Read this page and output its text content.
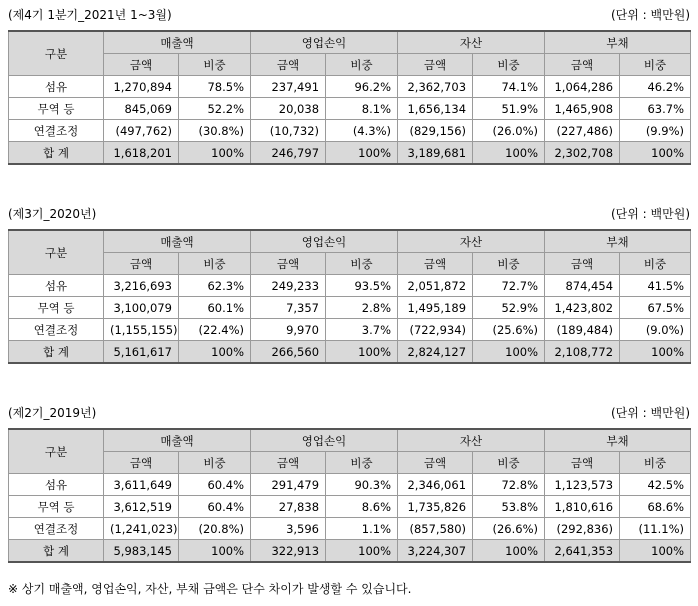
(제4기 1분기_2021년 1~3월)	(단위 : 백만원)
구분	매출액		영업손익		자산		부채	
	금액	비중	금액	비중	금액	비중	금액	비중
섬유	1,270,894	78.5%	237,491	96.2%	2,362,703	74.1%	1,064,286	46.2%
무역 등	845,069	52.2%	20,038	8.1%	1,656,134	51.9%	1,465,908	63.7%
연결조정	(497,762)	(30.8%)	(10,732)	(4.3%)	(829,156)	(26.0%)	(227,486)	(9.9%)
합 계	1,618,201	100%	246,797	100%	3,189,681	100%	2,302,708	100%
(제3기_2020년)	(단위 : 백만원)
구분	매출액		영업손익		자산		부채	
	금액	비중	금액	비중	금액	비중	금액	비중
섬유	3,216,693	62.3%	249,233	93.5%	2,051,872	72.7%	874,454	41.5%
무역 등	3,100,079	60.1%	7,357	2.8%	1,495,189	52.9%	1,423,802	67.5%
연결조정	(1,155,155)	(22.4%)	9,970	3.7%	(722,934)	(25.6%)	(189,484)	(9.0%)
합 계	5,161,617	100%	266,560	100%	2,824,127	100%	2,108,772	100%
(제2기_2019년)	(단위 : 백만원)
구분	매출액		영업손익		자산		부채	
	금액	비중	금액	비중	금액	비중	금액	비중
섬유	3,611,649	60.4%	291,479	90.3%	2,346,061	72.8%	1,123,573	42.5%
무역 등	3,612,519	60.4%	27,838	8.6%	1,735,826	53.8%	1,810,616	68.6%
연결조정	(1,241,023)	(20.8%)	3,596	1.1%	(857,580)	(26.6%)	(292,836)	(11.1%)
합 계	5,983,145	100%	322,913	100%	3,224,307	100%	2,641,353	100%
※ 상기 매출액, 영업손익, 자산, 부채 금액은 단수 차이가 발생할 수 있습니다.
